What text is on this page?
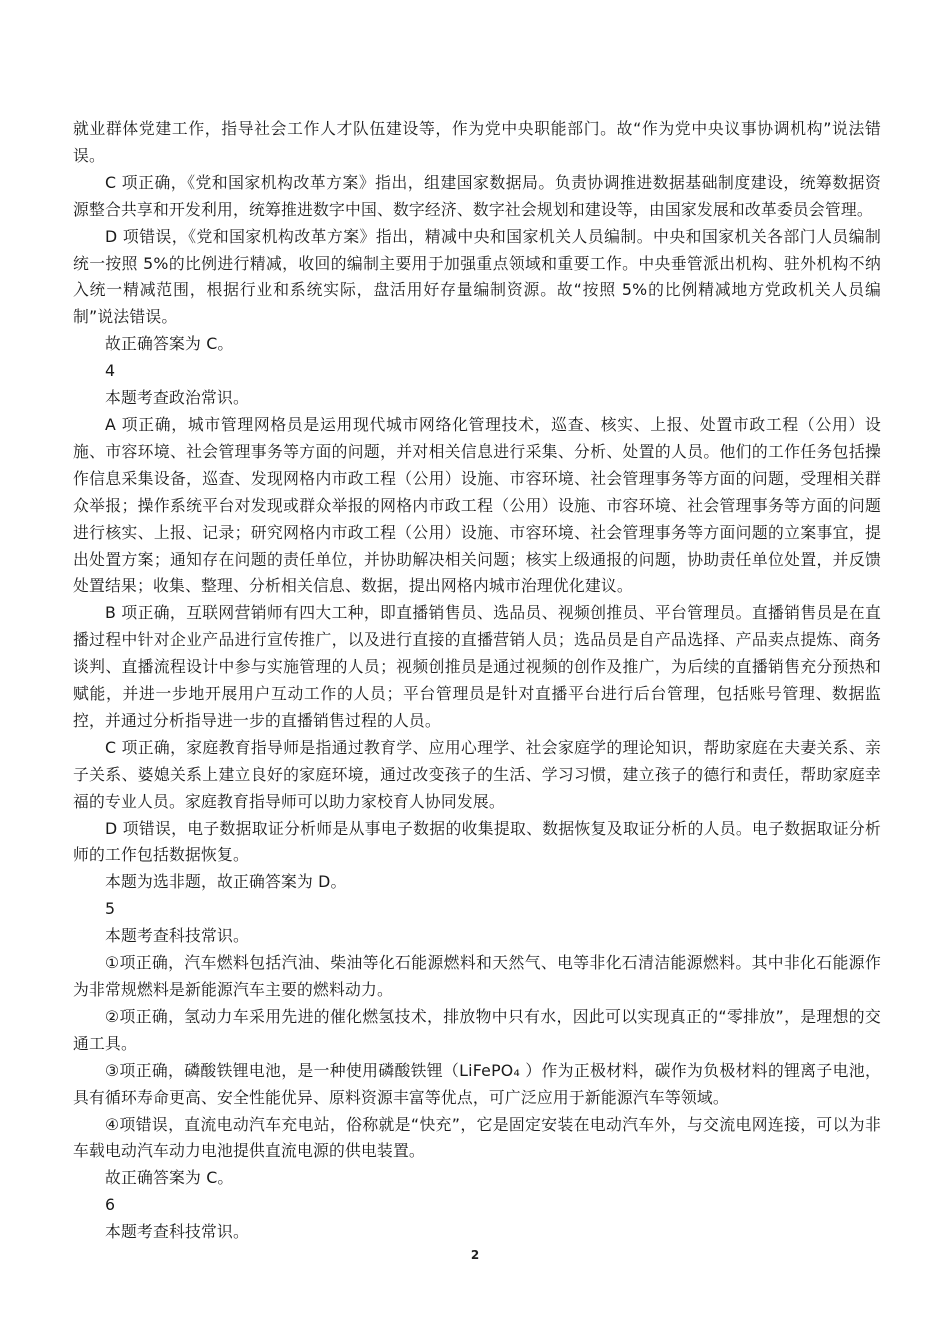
就业群体党建工作，指导社会工作人才队伍建设等，作为党中央职能部门。故“作为党中央议事协调机构”说法错误。

C 项正确，《党和国家机构改革方案》指出，组建国家数据局。负责协调推进数据基础制度建设，统筹数据资源整合共享和开发利用，统筹推进数字中国、数字经济、数字社会规划和建设等，由国家发展和改革委员会管理。

D 项错误，《党和国家机构改革方案》指出，精减中央和国家机关人员编制。中央和国家机关各部门人员编制统一按照 5%的比例进行精减，收回的编制主要用于加强重点领域和重要工作。中央垂管派出机构、驻外机构不纳入统一精减范围，根据行业和系统实际，盘活用好存量编制资源。故“按照 5%的比例精减地方党政机关人员编制”说法错误。

故正确答案为 C。

4

本题考查政治常识。

A 项正确，城市管理网格员是运用现代城市网络化管理技术，巡查、核实、上报、处置市政工程（公用）设施、市容环境、社会管理事务等方面的问题，并对相关信息进行采集、分析、处置的人员。他们的工作任务包括操作信息采集设备，巡查、发现网格内市政工程（公用）设施、市容环境、社会管理事务等方面的问题，受理相关群众举报；操作系统平台对发现或群众举报的网格内市政工程（公用）设施、市容环境、社会管理事务等方面的问题进行核实、上报、记录；研究网格内市政工程（公用）设施、市容环境、社会管理事务等方面问题的立案事宜，提出处置方案；通知存在问题的责任单位，并协助解决相关问题；核实上级通报的问题，协助责任单位处置，并反馈处置结果；收集、整理、分析相关信息、数据，提出网格内城市治理优化建议。

B 项正确，互联网营销师有四大工种，即直播销售员、选品员、视频创推员、平台管理员。直播销售员是在直播过程中针对企业产品进行宣传推广，以及进行直接的直播营销人员；选品员是自产品选择、产品卖点提炼、商务谈判、直播流程设计中参与实施管理的人员；视频创推员是通过视频的创作及推广，为后续的直播销售充分预热和赋能，并进一步地开展用户互动工作的人员；平台管理员是针对直播平台进行后台管理，包括账号管理、数据监控，并通过分析指导进一步的直播销售过程的人员。

C 项正确，家庭教育指导师是指通过教育学、应用心理学、社会家庭学的理论知识，帮助家庭在夫妻关系、亲子关系、婆媳关系上建立良好的家庭环境，通过改变孩子的生活、学习习惯，建立孩子的德行和责任，帮助家庭幸福的专业人员。家庭教育指导师可以助力家校育人协同发展。

D 项错误，电子数据取证分析师是从事电子数据的收集提取、数据恢复及取证分析的人员。电子数据取证分析师的工作包括数据恢复。

本题为选非题，故正确答案为 D。

5

本题考查科技常识。

①项正确，汽车燃料包括汽油、柴油等化石能源燃料和天然气、电等非化石清洁能源燃料。其中非化石能源作为非常规燃料是新能源汽车主要的燃料动力。

②项正确，氢动力车采用先进的催化燃氢技术，排放物中只有水，因此可以实现真正的“零排放”，是理想的交通工具。

③项正确，磷酸铁锂电池，是一种使用磷酸铁锂（LiFePO₄ ）作为正极材料，碳作为负极材料的锂离子电池，具有循环寿命更高、安全性能优异、原料资源丰富等优点，可广泛应用于新能源汽车等领域。

④项错误，直流电动汽车充电站，俗称就是“快充”，它是固定安装在电动汽车外，与交流电网连接，可以为非车载电动汽车动力电池提供直流电源的供电装置。

故正确答案为 C。

6

本题考查科技常识。

2
